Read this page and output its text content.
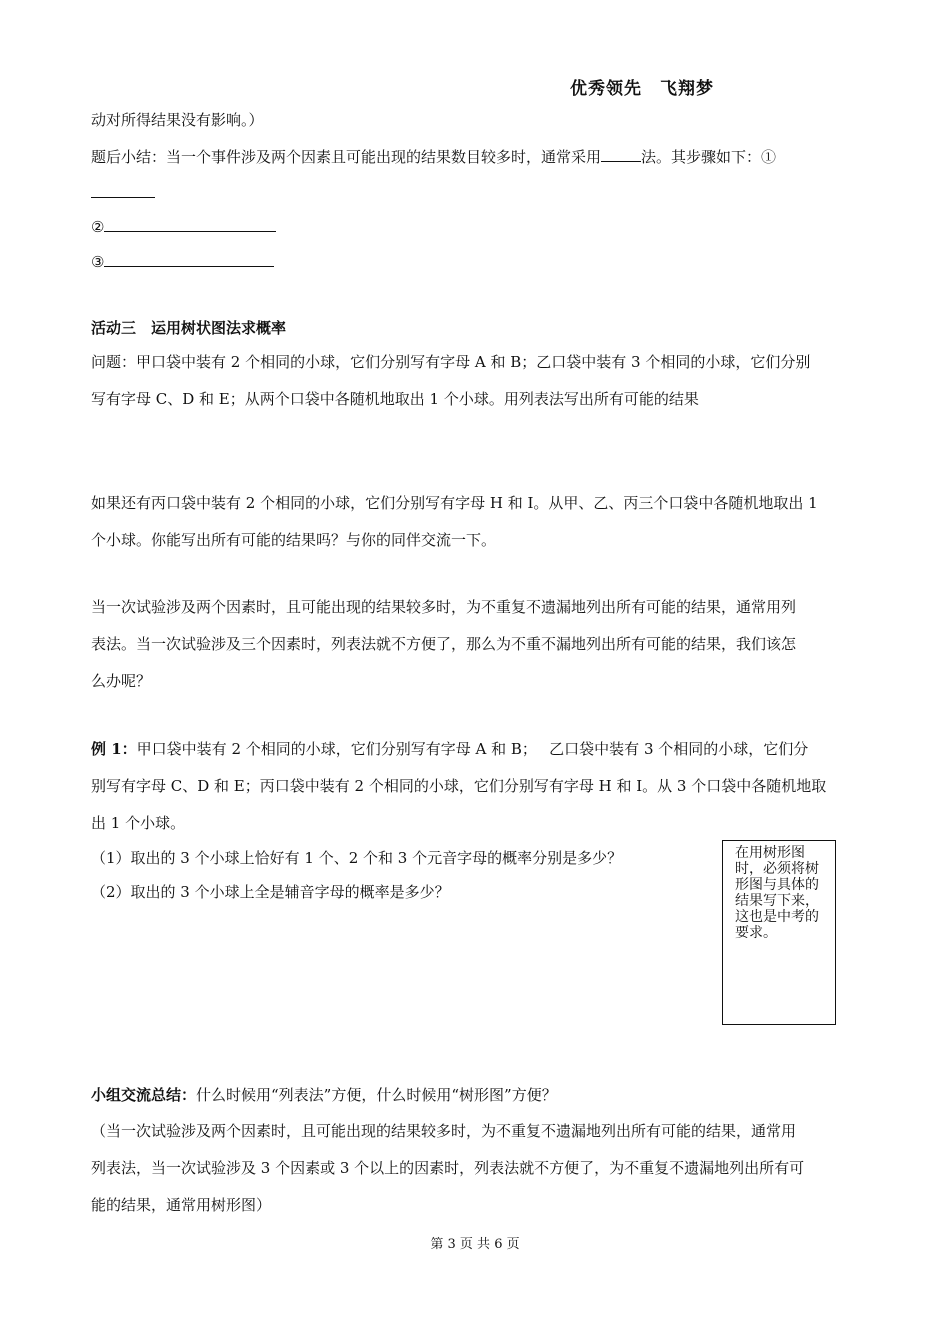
优秀领先　飞翔梦
动对所得结果没有影响。）
题后小结：当一个事件涉及两个因素且可能出现的结果数目较多时，通常采用	法。其步骤如下：①
②
③
活动三　运用树状图法求概率
问题：甲口袋中装有 2 个相同的小球，它们分别写有字母 A 和 B；乙口袋中装有 3 个相同的小球，它们分别
写有字母 C、D 和 E；从两个口袋中各随机地取出 1 个小球。用列表法写出所有可能的结果
如果还有丙口袋中装有 2 个相同的小球，它们分别写有字母 H 和 I。从甲、乙、丙三个口袋中各随机地取出 1
个小球。你能写出所有可能的结果吗？与你的同伴交流一下。
当一次试验涉及两个因素时，且可能出现的结果较多时，为不重复不遗漏地列出所有可能的结果，通常用列
表法。当一次试验涉及三个因素时，列表法就不方便了，那么为不重不漏地列出所有可能的结果，我们该怎
么办呢？
例 1：甲口袋中装有 2 个相同的小球，它们分别写有字母 A 和 B；　 乙口袋中装有 3 个相同的小球，它们分
别写有字母 C、D 和 E；丙口袋中装有 2 个相同的小球，它们分别写有字母 H 和 I。从 3 个口袋中各随机地取
出 1 个小球。
（1）取出的 3 个小球上恰好有 1 个、2 个和 3 个元音字母的概率分别是多少？
（2）取出的 3 个小球上全是辅音字母的概率是多少？
在用树形图时，必须将树形图与具体的结果写下来，这也是中考的要求。
小组交流总结：什么时候用“列表法”方便，什么时候用“树形图”方便？
（当一次试验涉及两个因素时，且可能出现的结果较多时，为不重复不遗漏地列出所有可能的结果，通常用
列表法，当一次试验涉及 3 个因素或 3 个以上的因素时，列表法就不方便了，为不重复不遗漏地列出所有可
能的结果，通常用树形图）
第 3 页 共 6 页
